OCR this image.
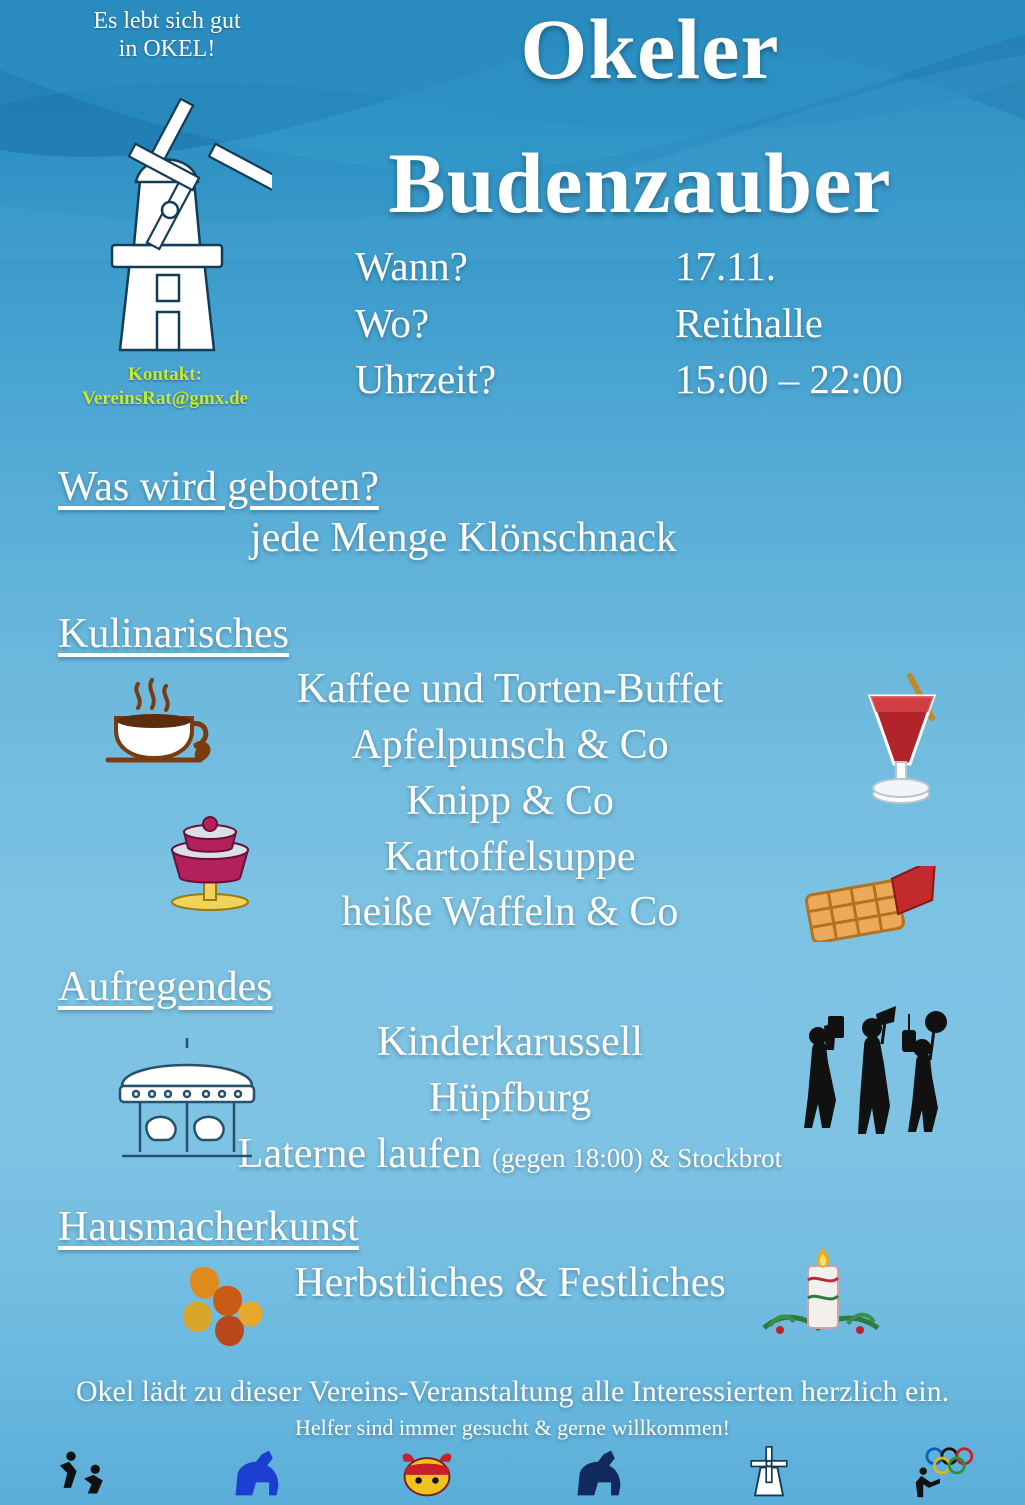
Es lebt sich gut
in OKEL!
Kontakt:
VereinsRat@gmx.de
Okeler
Budenzauber
Wann?	17.11.
Wo?	Reithalle
Uhrzeit?	15:00 – 22:00
Was wird geboten?
jede Menge Klönschnack
Kulinarisches
Kaffee und Torten-Buffet
Apfelpunsch & Co
Knipp & Co
Kartoffelsuppe
heiße Waffeln & Co
Aufregendes
Kinderkarussell
Hüpfburg
Laterne laufen (gegen 18:00) & Stockbrot
Hausmacherkunst
Herbstliches & Festliches
Okel lädt zu dieser Vereins-Veranstaltung alle Interessierten herzlich ein.
Helfer sind immer gesucht & gerne willkommen!
